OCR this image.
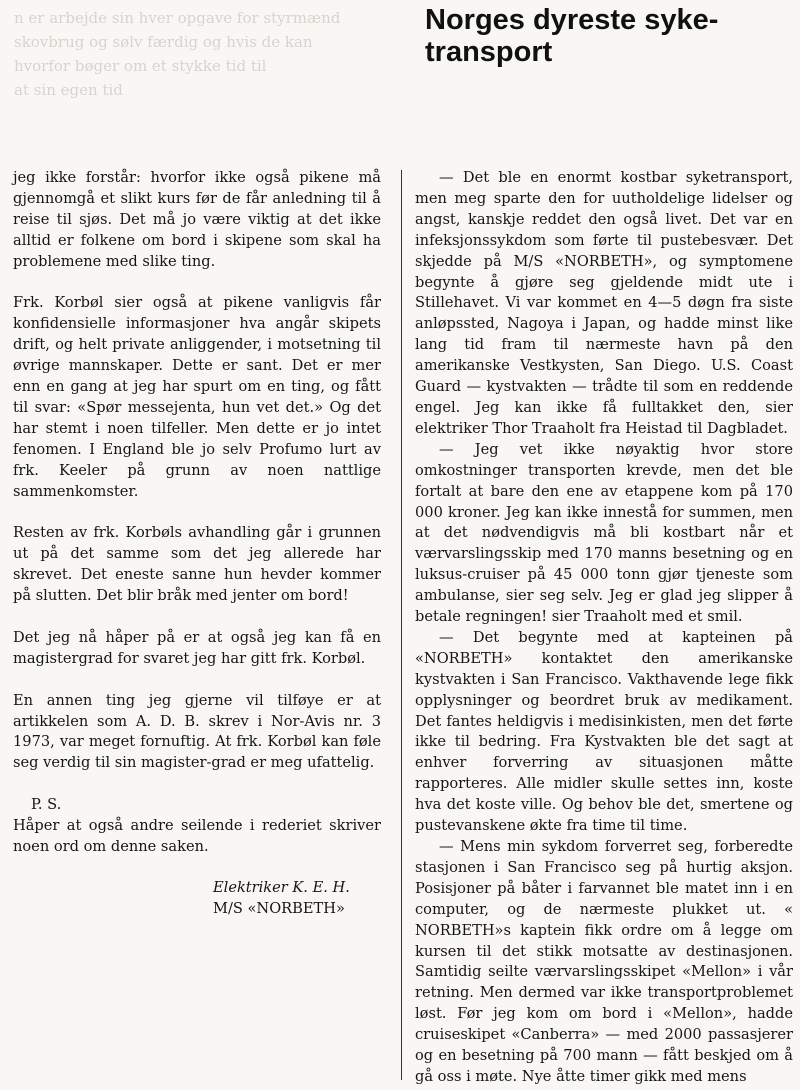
n er arbejde sin hver opgave for styrmænd
skovbrug og sølv færdig og hvis de kan
hvorfor bøger om et stykke tid til
at sin egen tid
Norges dyreste syke-transport

jeg ikke forstår: hvorfor ikke også pikene må gjennomgå et slikt kurs før de får anledning til å reise til sjøs. Det må jo være viktig at det ikke alltid er folkene om bord i skipene som skal ha problemene med slike ting.

Frk. Korbøl sier også at pikene vanligvis får konfidensielle informasjoner hva angår skipets drift, og helt private anliggender, i motsetning til øvrige mannskaper. Dette er sant. Det er mer enn en gang at jeg har spurt om en ting, og fått til svar: «Spør messejenta, hun vet det.» Og det har stemt i noen tilfeller. Men dette er jo intet fenomen. I England ble jo selv Profumo lurt av frk. Keeler på grunn av noen nattlige sammenkomster.

Resten av frk. Korbøls avhandling går i grunnen ut på det samme som det jeg allerede har skrevet. Det eneste sanne hun hevder kommer på slutten. Det blir bråk med jenter om bord!

Det jeg nå håper på er at også jeg kan få en magistergrad for svaret jeg har gitt frk. Korbøl.

En annen ting jeg gjerne vil tilføye er at artikkelen som A. D. B. skrev i Nor-Avis nr. 3 1973, var meget fornuftig. At frk. Korbøl kan føle seg verdig til sin magister-grad er meg ufattelig.

P. S.

Håper at også andre seilende i rederiet skriver noen ord om denne saken.

Elektriker K. E. H.
M/S «NORBETH»

— Det ble en enormt kostbar syketransport, men meg sparte den for uutholdelige lidelser og angst, kanskje reddet den også livet. Det var en infeksjonssykdom som førte til pustebesvær. Det skjedde på M/S «NORBETH», og symptomene begynte å gjøre seg gjeldende midt ute i Stillehavet. Vi var kommet en 4—5 døgn fra siste anløpssted, Nagoya i Japan, og hadde minst like lang tid fram til nærmeste havn på den amerikanske Vestkysten, San Diego. U.S. Coast Guard — kystvakten — trådte til som en reddende engel. Jeg kan ikke få fulltakket den, sier elektriker Thor Traaholt fra Heistad til Dagbladet.

— Jeg vet ikke nøyaktig hvor store omkostninger transporten krevde, men det ble fortalt at bare den ene av etappene kom på 170 000 kroner. Jeg kan ikke innestå for summen, men at det nødvendigvis må bli kostbart når et værvarslingsskip med 170 manns besetning og en luksus-cruiser på 45 000 tonn gjør tjeneste som ambulanse, sier seg selv. Jeg er glad jeg slipper å betale regningen! sier Traaholt med et smil.

— Det begynte med at kapteinen på «NORBETH» kontaktet den amerikanske kystvakten i San Francisco. Vakthavende lege fikk opplysninger og beordret bruk av medikament. Det fantes heldigvis i medisinkisten, men det førte ikke til bedring. Fra Kystvakten ble det sagt at enhver forverring av situasjonen måtte rapporteres. Alle midler skulle settes inn, koste hva det koste ville. Og behov ble det, smertene og pustevanskene økte fra time til time.

— Mens min sykdom forverret seg, forberedte stasjonen i San Francisco seg på hurtig aksjon. Posisjoner på båter i farvannet ble matet inn i en computer, og de nærmeste plukket ut. « NORBETH»s kaptein fikk ordre om å legge om kursen til det stikk motsatte av destinasjonen. Samtidig seilte værvarslingsskipet «Mellon» i vår retning. Men dermed var ikke transportproblemet løst. Før jeg kom om bord i «Mellon», hadde cruiseskipet «Canberra» — med 2000 passasjerer og en besetning på 700 mann — fått beskjed om å gå oss i møte. Nye åtte timer gikk med mens
